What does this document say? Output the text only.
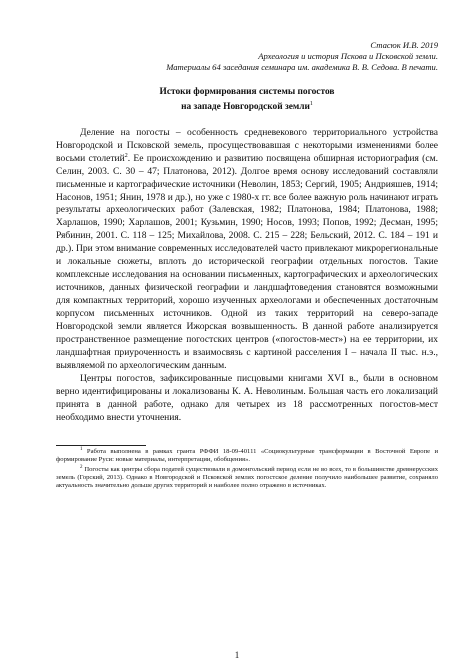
Стасюк И.В. 2019
Археология и история Пскова и Псковской земли.
Материалы 64 заседания семинара им. академика В. В. Седова. В печати.
Истоки формирования системы погостов
на западе Новгородской земли$^1$

Деление на погосты – особенность средневекового территориального устройства Новгородской и Псковской земель, просуществовавшая с некоторыми изменениями более восьми столетий$^2$. Ее происхождению и развитию посвящена обширная историография (см. Селин, 2003. С. 30 – 47; Платонова, 2012). Долгое время основу исследований составляли письменные и картографические источники (Неволин, 1853; Сергий, 1905; Андрияшев, 1914; Насонов, 1951; Янин, 1978 и др.), но уже с 1980-х гг. все более важную роль начинают играть результаты археологических работ (Залевская, 1982; Платонова, 1984; Платонова, 1988; Харлашов, 1990; Харлашов, 2001; Кузьмин, 1990; Носов, 1993; Попов, 1992; Десман, 1995; Рябинин, 2001. С. 118 – 125; Михайлова, 2008. С. 215 – 228; Бельский, 2012. С. 184 – 191 и др.). При этом внимание современных исследователей часто привлекают микрорегиональные и локальные сюжеты, вплоть до исторической географии отдельных погостов. Такие комплексные исследования на основании письменных, картографических и археологических источников, данных физической географии и ландшафтоведения становятся возможными для компактных территорий, хорошо изученных археологами и обеспеченных достаточным корпусом письменных источников. Одной из таких территорий на северо-западе Новгородской земли является Ижорская возвышенность. В данной работе анализируется пространственное размещение погостских центров («погостов-мест») на ее территории, их ландшафтная приуроченность и взаимосвязь с картиной расселения I – начала II тыс. н.э., выявляемой по археологическим данным.

Центры погостов, зафиксированные писцовыми книгами XVI в., были в основном верно идентифицированы и локализованы К. А. Неволиным. Большая часть его локализаций принята в данной работе, однако для четырех из 18 рассмотренных погостов-мест необходимо внести уточнения.

$^1$ Работа выполнена в рамках гранта РФФИ 18-09-40111 «Социокультурные трансформации в Восточной Европе и формирование Руси: новые материалы, интерпретации, обобщения».

$^2$ Погосты как центры сбора податей существовали в домонгольский период если не во всех, то в большинстве древнерусских земель (Горский, 2013). Однако в Новгородской и Псковской землях погостское деление получило наибольшее развитие, сохраняло актуальность значительно дольше других территорий и наиболее полно отражено в источниках.

1
